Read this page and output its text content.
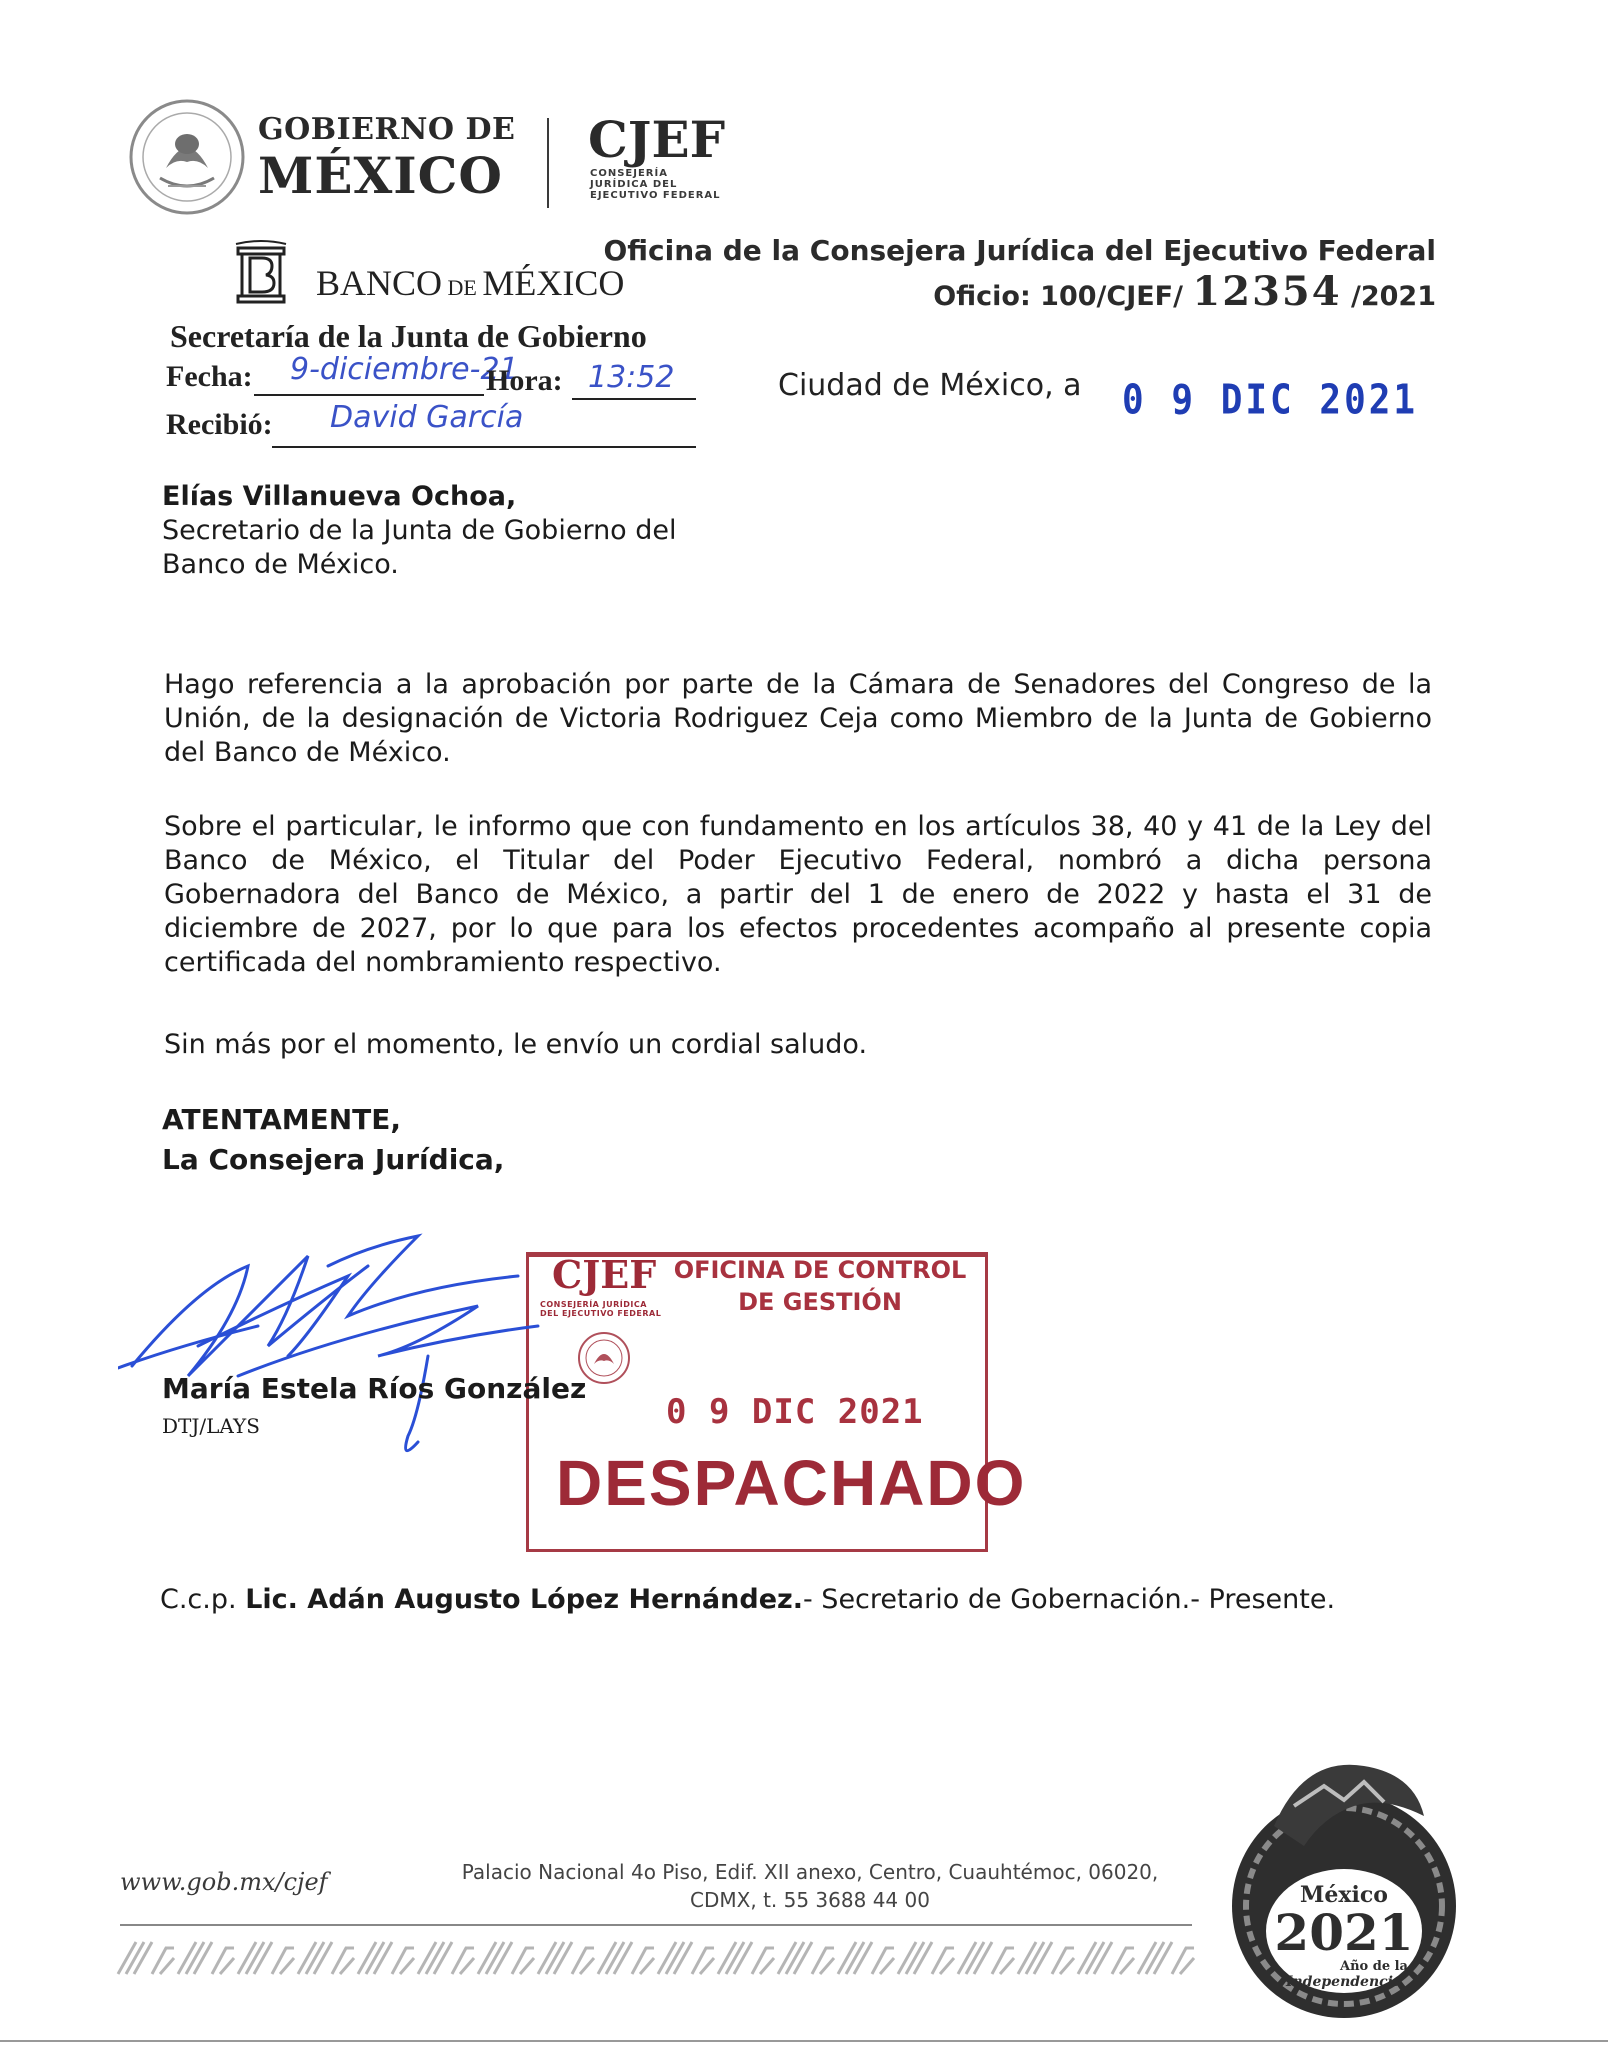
GOBIERNO DE
MÉXICO
CJEF
CONSEJERÍA
JURÍDICA DEL
EJECUTIVO FEDERAL
Oficina de la Consejera Jurídica del Ejecutivo Federal
Oficio: 100/CJEF/ 12354 /2021
BANCO DE MÉXICO
Secretaría de la Junta de Gobierno
Fecha: 9-diciembre-21
Hora: 13:52
Recibió: David García
Ciudad de México, a 0 9 DIC 2021
Elías Villanueva Ochoa,
Secretario de la Junta de Gobierno del
Banco de México.
Hago referencia a la aprobación por parte de la Cámara de Senadores del Congreso de la Unión, de la designación de Victoria Rodriguez Ceja como Miembro de la Junta de Gobierno del Banco de México.
Sobre el particular, le informo que con fundamento en los artículos 38, 40 y 41 de la Ley del Banco de México, el Titular del Poder Ejecutivo Federal, nombró a dicha persona Gobernadora del Banco de México, a partir del 1 de enero de 2022 y hasta el 31 de diciembre de 2027, por lo que para los efectos procedentes acompaño al presente copia certificada del nombramiento respectivo.
Sin más por el momento, le envío un cordial saludo.
ATENTAMENTE,
La Consejera Jurídica,
CJEF
CONSEJERÍA JURÍDICA
DEL EJECUTIVO FEDERAL
OFICINA DE CONTROL
DE GESTIÓN
0 9 DIC 2021
DESPACHADO
María Estela Ríos González
DTJ/LAYS
C.c.p. Lic. Adán Augusto López Hernández.- Secretario de Gobernación.- Presente.
www.gob.mx/cjef	Palacio Nacional 4o Piso, Edif. XII anexo, Centro, Cuauhtémoc, 06020,
CDMX, t. 55 3688 44 00	México
2021
Año de la
Independencia
